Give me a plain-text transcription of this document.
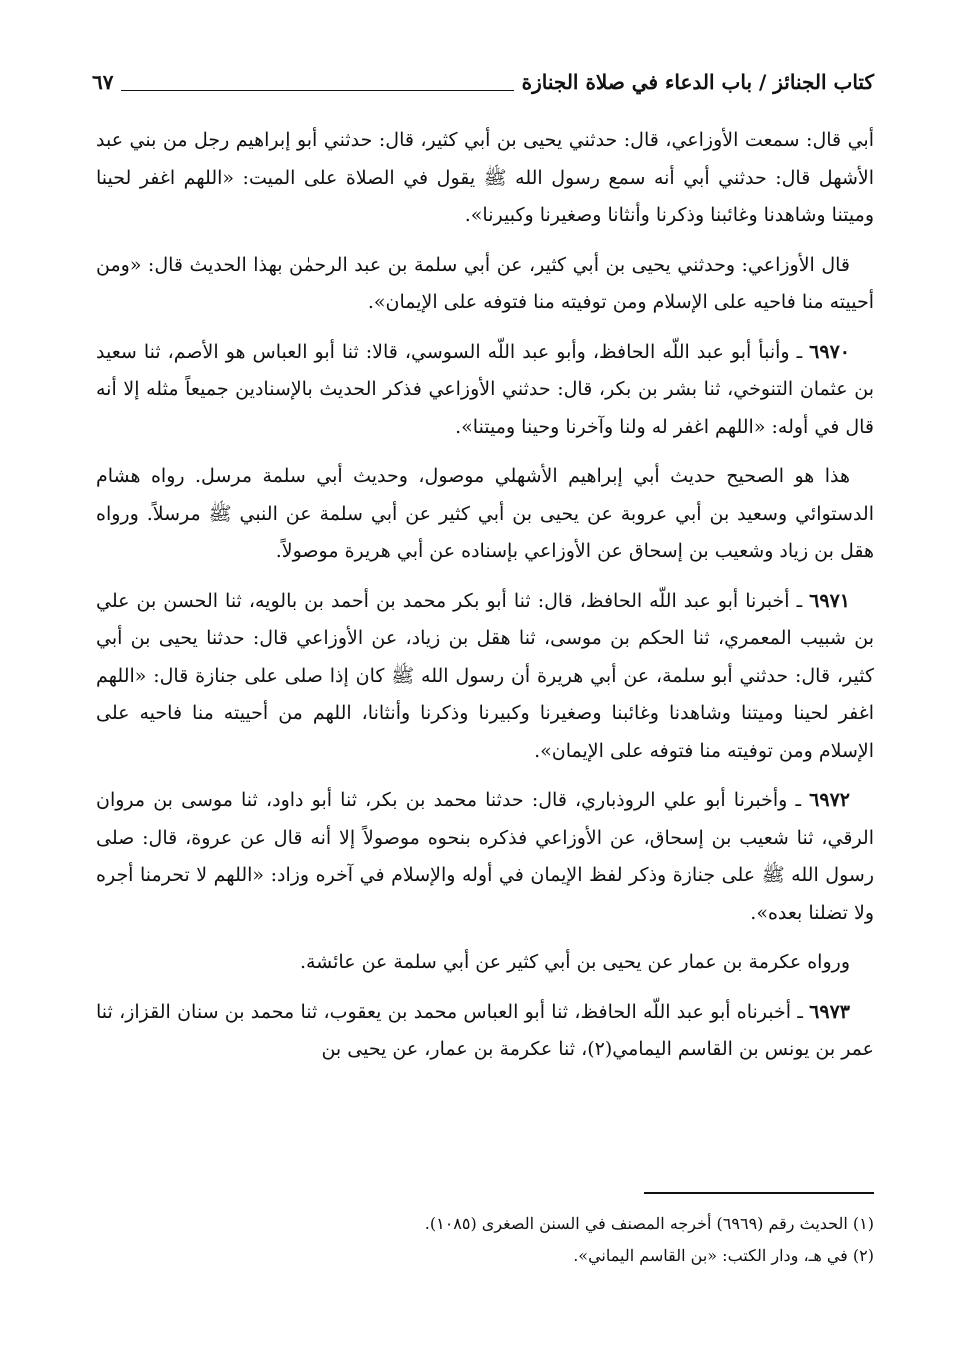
كتاب الجنائز / باب الدعاء في صلاة الجنازة
٦٧

أبي قال: سمعت الأوزاعي، قال: حدثني يحيى بن أبي كثير، قال: حدثني أبو إبراهيم رجل من بني عبد الأشهل قال: حدثني أبي أنه سمع رسول الله ﷺ يقول في الصلاة على الميت: «اللهم اغفر لحينا وميتنا وشاهدنا وغائبنا وذكرنا وأنثانا وصغيرنا وكبيرنا».

قال الأوزاعي: وحدثني يحيى بن أبي كثير، عن أبي سلمة بن عبد الرحمٰن بهذا الحديث قال: «ومن أحييته منا فاحيه على الإسلام ومن توفيته منا فتوفه على الإيمان».

٦٩٧٠ ـ وأنبأ أبو عبد اللّه الحافظ، وأبو عبد اللّه السوسي، قالا: ثنا أبو العباس هو الأصم، ثنا سعيد بن عثمان التنوخي، ثنا بشر بن بكر، قال: حدثني الأوزاعي فذكر الحديث بالإسنادين جميعاً مثله إلا أنه قال في أوله: «اللهم اغفر له ولنا وآخرنا وحينا وميتنا».

هذا هو الصحيح حديث أبي إبراهيم الأشهلي موصول، وحديث أبي سلمة مرسل. رواه هشام الدستوائي وسعيد بن أبي عروبة عن يحيى بن أبي كثير عن أبي سلمة عن النبي ﷺ مرسلاً. ورواه هقل بن زياد وشعيب بن إسحاق عن الأوزاعي بإسناده عن أبي هريرة موصولاً.

٦٩٧١ ـ أخبرنا أبو عبد اللّه الحافظ، قال: ثنا أبو بكر محمد بن أحمد بن بالويه، ثنا الحسن بن علي بن شبيب المعمري، ثنا الحكم بن موسى، ثنا هقل بن زياد، عن الأوزاعي قال: حدثنا يحيى بن أبي كثير، قال: حدثني أبو سلمة، عن أبي هريرة أن رسول الله ﷺ كان إذا صلى على جنازة قال: «اللهم اغفر لحينا وميتنا وشاهدنا وغائبنا وصغيرنا وكبيرنا وذكرنا وأنثانا، اللهم من أحييته منا فاحيه على الإسلام ومن توفيته منا فتوفه على الإيمان».

٦٩٧٢ ـ وأخبرنا أبو علي الروذباري، قال: حدثنا محمد بن بكر، ثنا أبو داود، ثنا موسى بن مروان الرقي، ثنا شعيب بن إسحاق، عن الأوزاعي فذكره بنحوه موصولاً إلا أنه قال عن عروة، قال: صلى رسول الله ﷺ على جنازة وذكر لفظ الإيمان في أوله والإسلام في آخره وزاد: «اللهم لا تحرمنا أجره ولا تضلنا بعده».

ورواه عكرمة بن عمار عن يحيى بن أبي كثير عن أبي سلمة عن عائشة.

٦٩٧٣ ـ أخبرناه أبو عبد اللّه الحافظ، ثنا أبو العباس محمد بن يعقوب، ثنا محمد بن سنان القزاز، ثنا عمر بن يونس بن القاسم اليمامي(٢)، ثنا عكرمة بن عمار، عن يحيى بن

(١) الحديث رقم (٦٩٦٩) أخرجه المصنف في السنن الصغرى (١٠٨٥).
(٢) في هـ، ودار الكتب: «بن القاسم اليماني».
